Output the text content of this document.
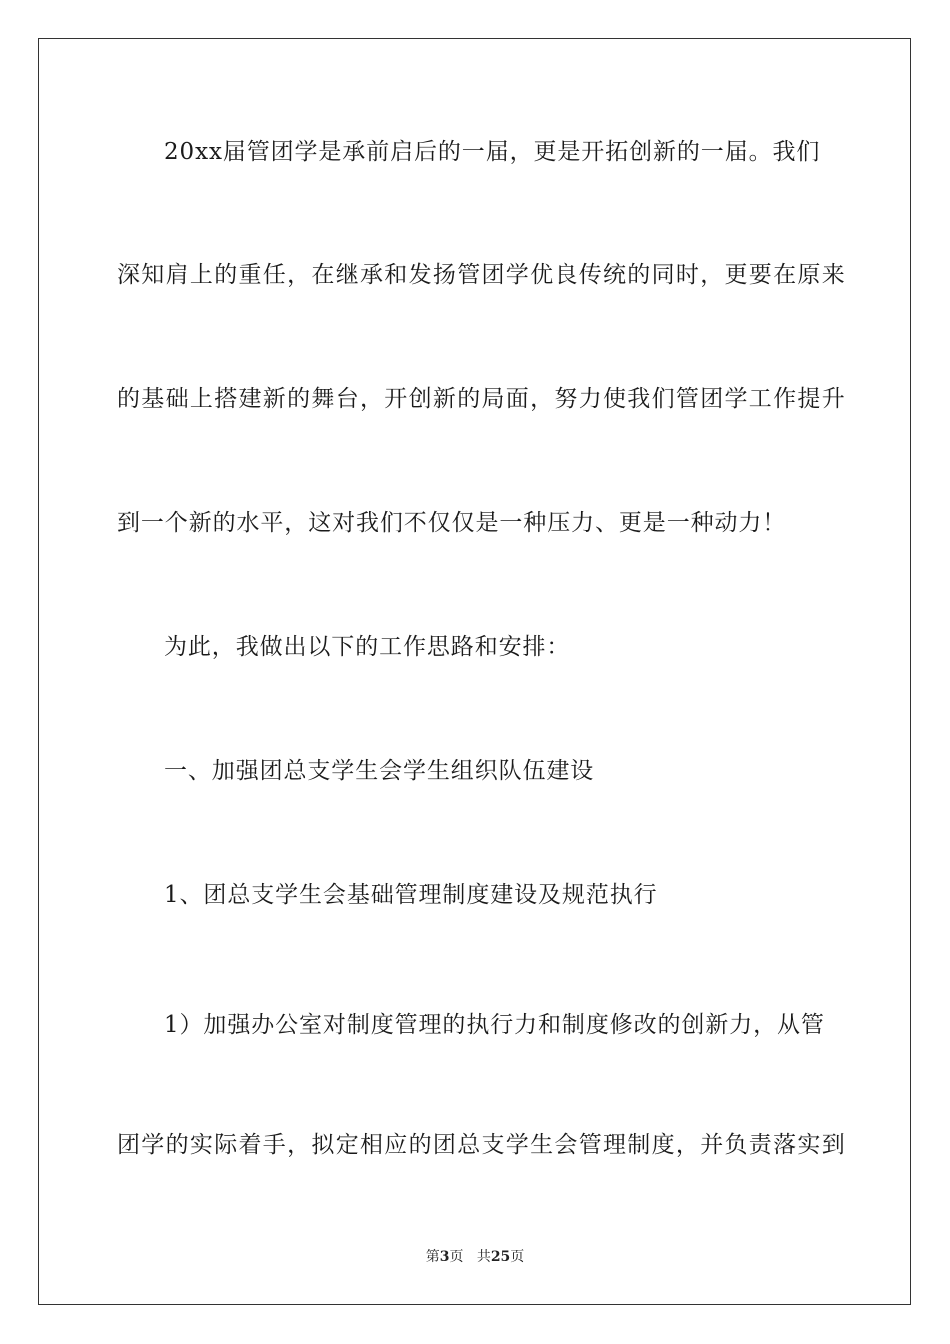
20xx届管团学是承前启后的一届，更是开拓创新的一届。我们
深知肩上的重任，在继承和发扬管团学优良传统的同时，更要在原来
的基础上搭建新的舞台，开创新的局面，努力使我们管团学工作提升
到一个新的水平，这对我们不仅仅是一种压力、更是一种动力！
为此，我做出以下的工作思路和安排：
一、加强团总支学生会学生组织队伍建设
1、团总支学生会基础管理制度建设及规范执行
1）加强办公室对制度管理的执行力和制度修改的创新力，从管
团学的实际着手，拟定相应的团总支学生会管理制度，并负责落实到
第3页 共25页
